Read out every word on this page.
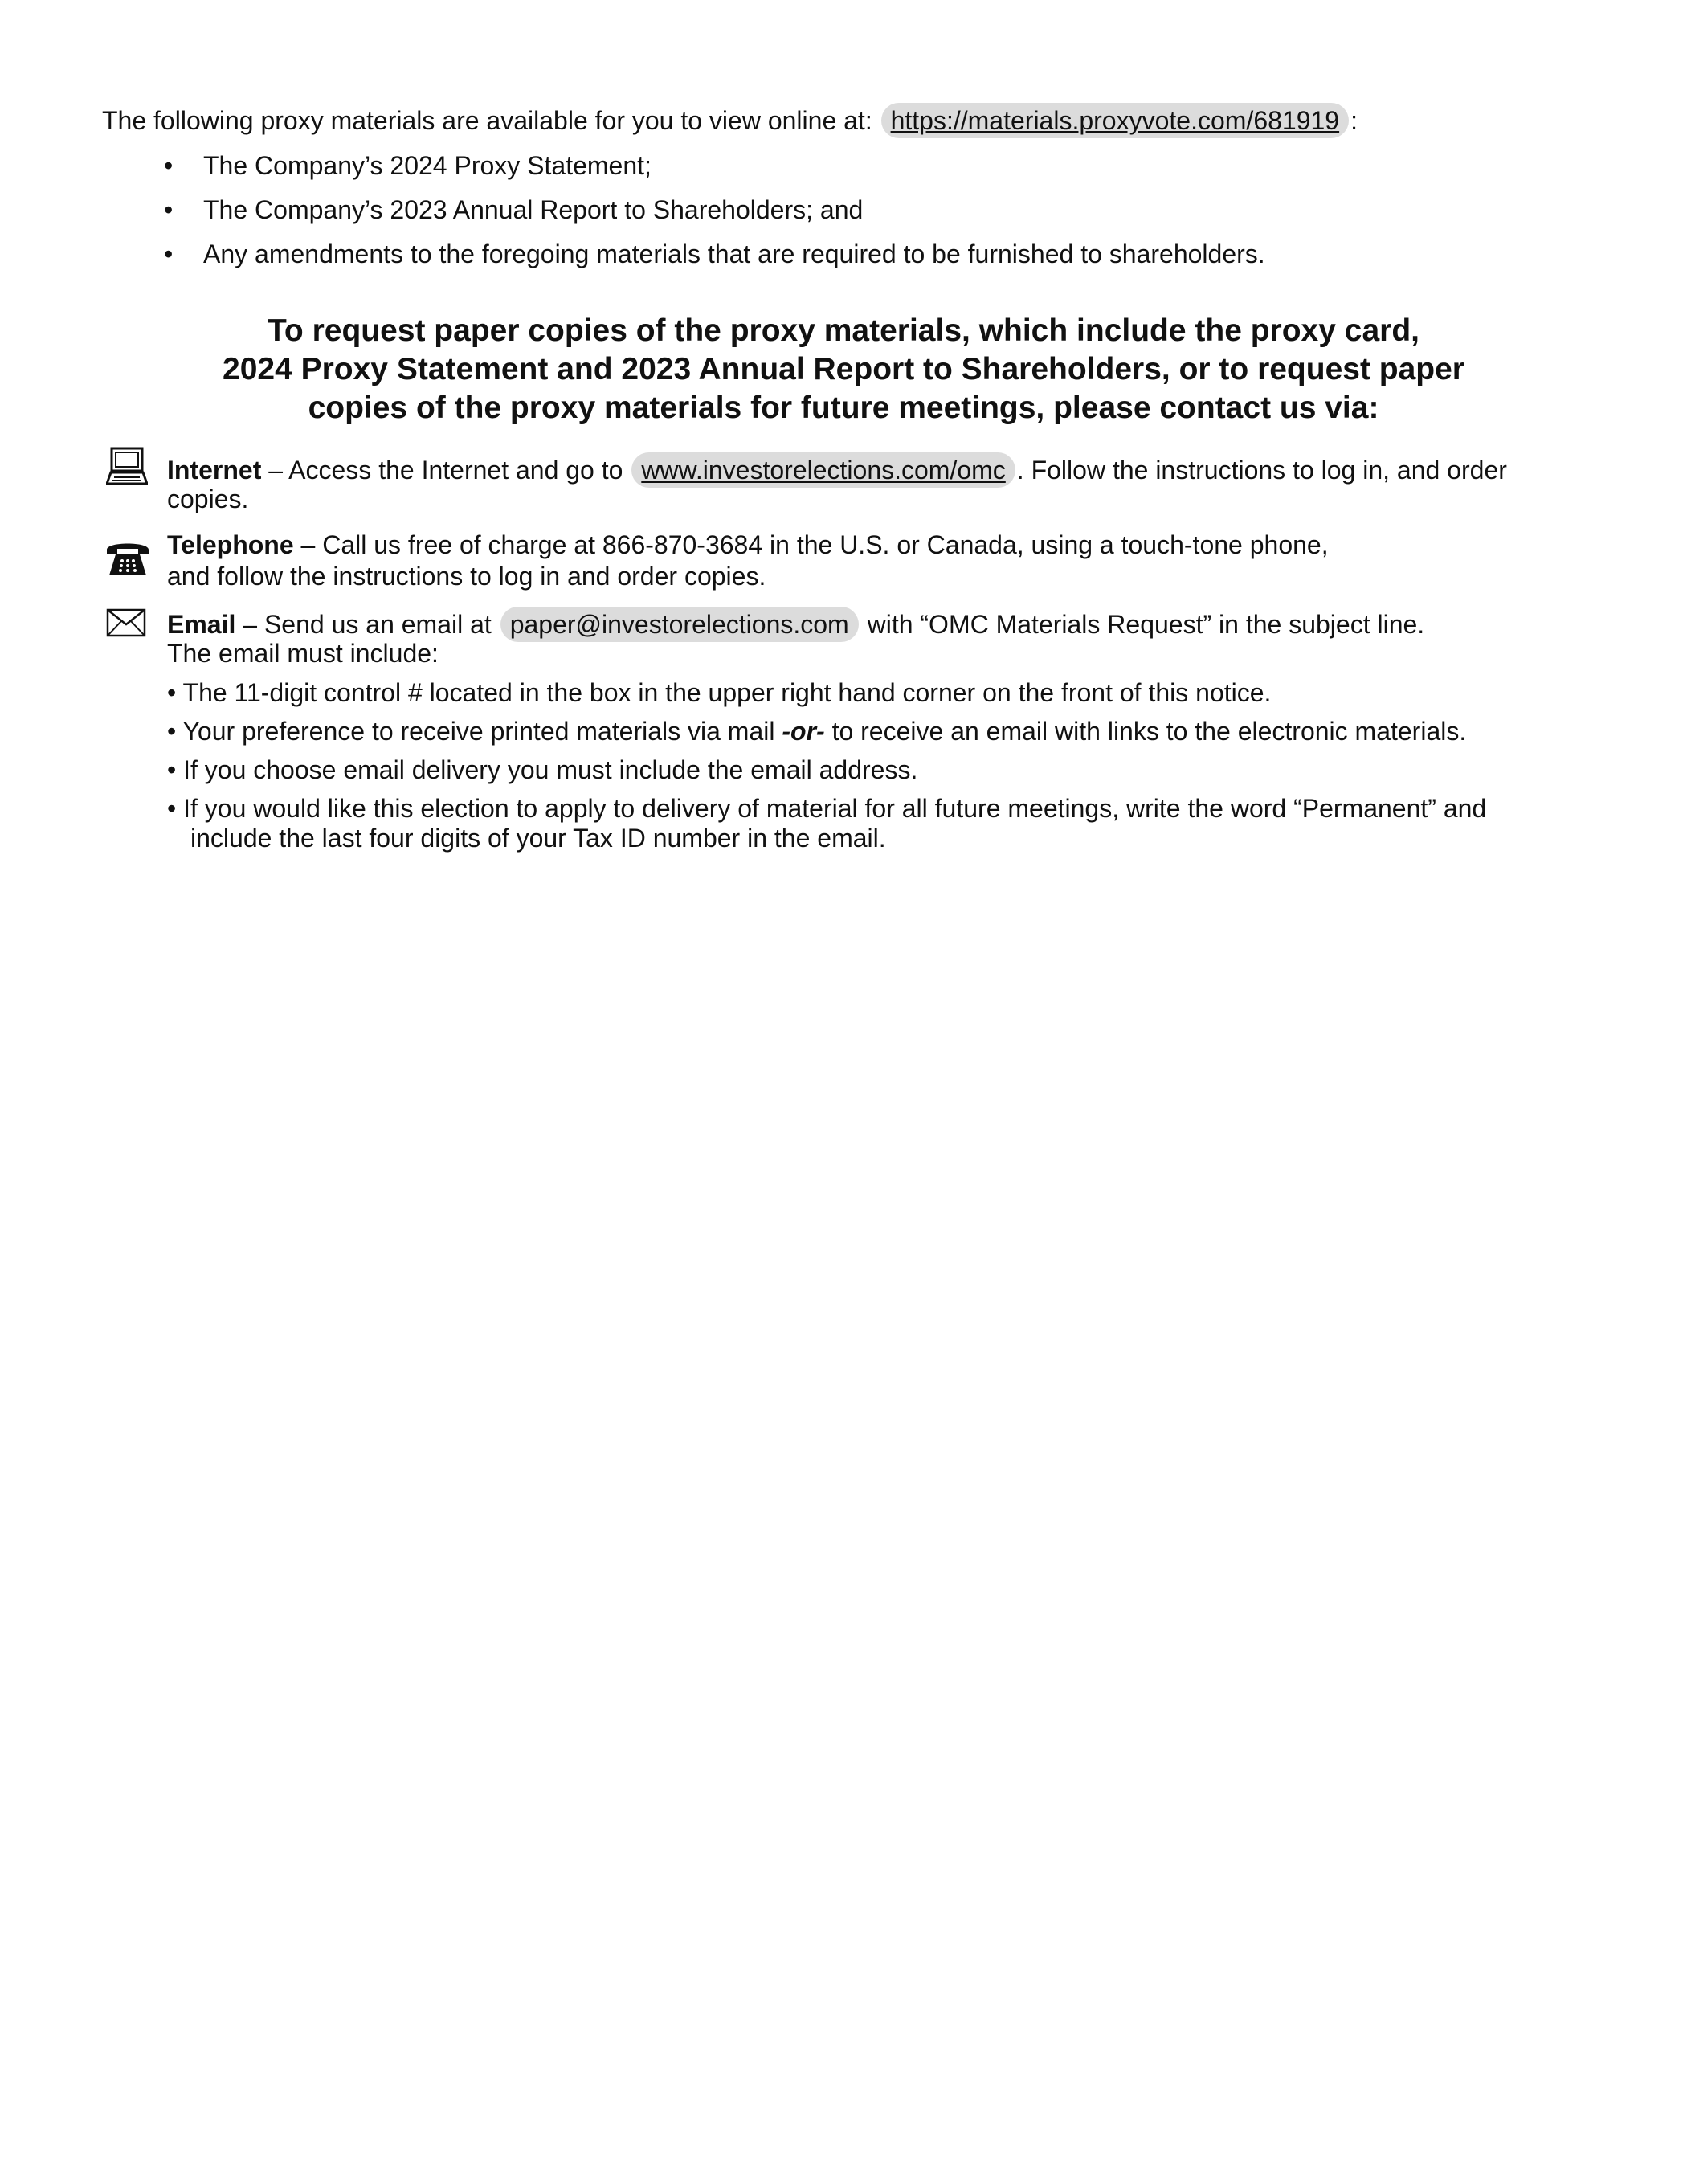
The following proxy materials are available for you to view online at: https://materials.proxyvote.com/681919 :
• The Company’s 2024 Proxy Statement;
• The Company’s 2023 Annual Report to Shareholders; and
• Any amendments to the foregoing materials that are required to be furnished to shareholders.
To request paper copies of the proxy materials, which include the proxy card,
2024 Proxy Statement and 2023 Annual Report to Shareholders, or to request paper
copies of the proxy materials for future meetings, please contact us via:
Internet – Access the Internet and go to www.investorelections.com/omc . Follow the instructions to log in, and order
copies.
Telephone – Call us free of charge at 866-870-3684 in the U.S. or Canada, using a touch-tone phone,
and follow the instructions to log in and order copies.
Email – Send us an email at paper@investorelections.com with “OMC Materials Request” in the subject line.
The email must include:
• The 11-digit control # located in the box in the upper right hand corner on the front of this notice.
• Your preference to receive printed materials via mail -or- to receive an email with links to the electronic materials.
• If you choose email delivery you must include the email address.
• If you would like this election to apply to delivery of material for all future meetings, write the word “Permanent” and
include the last four digits of your Tax ID number in the email.
